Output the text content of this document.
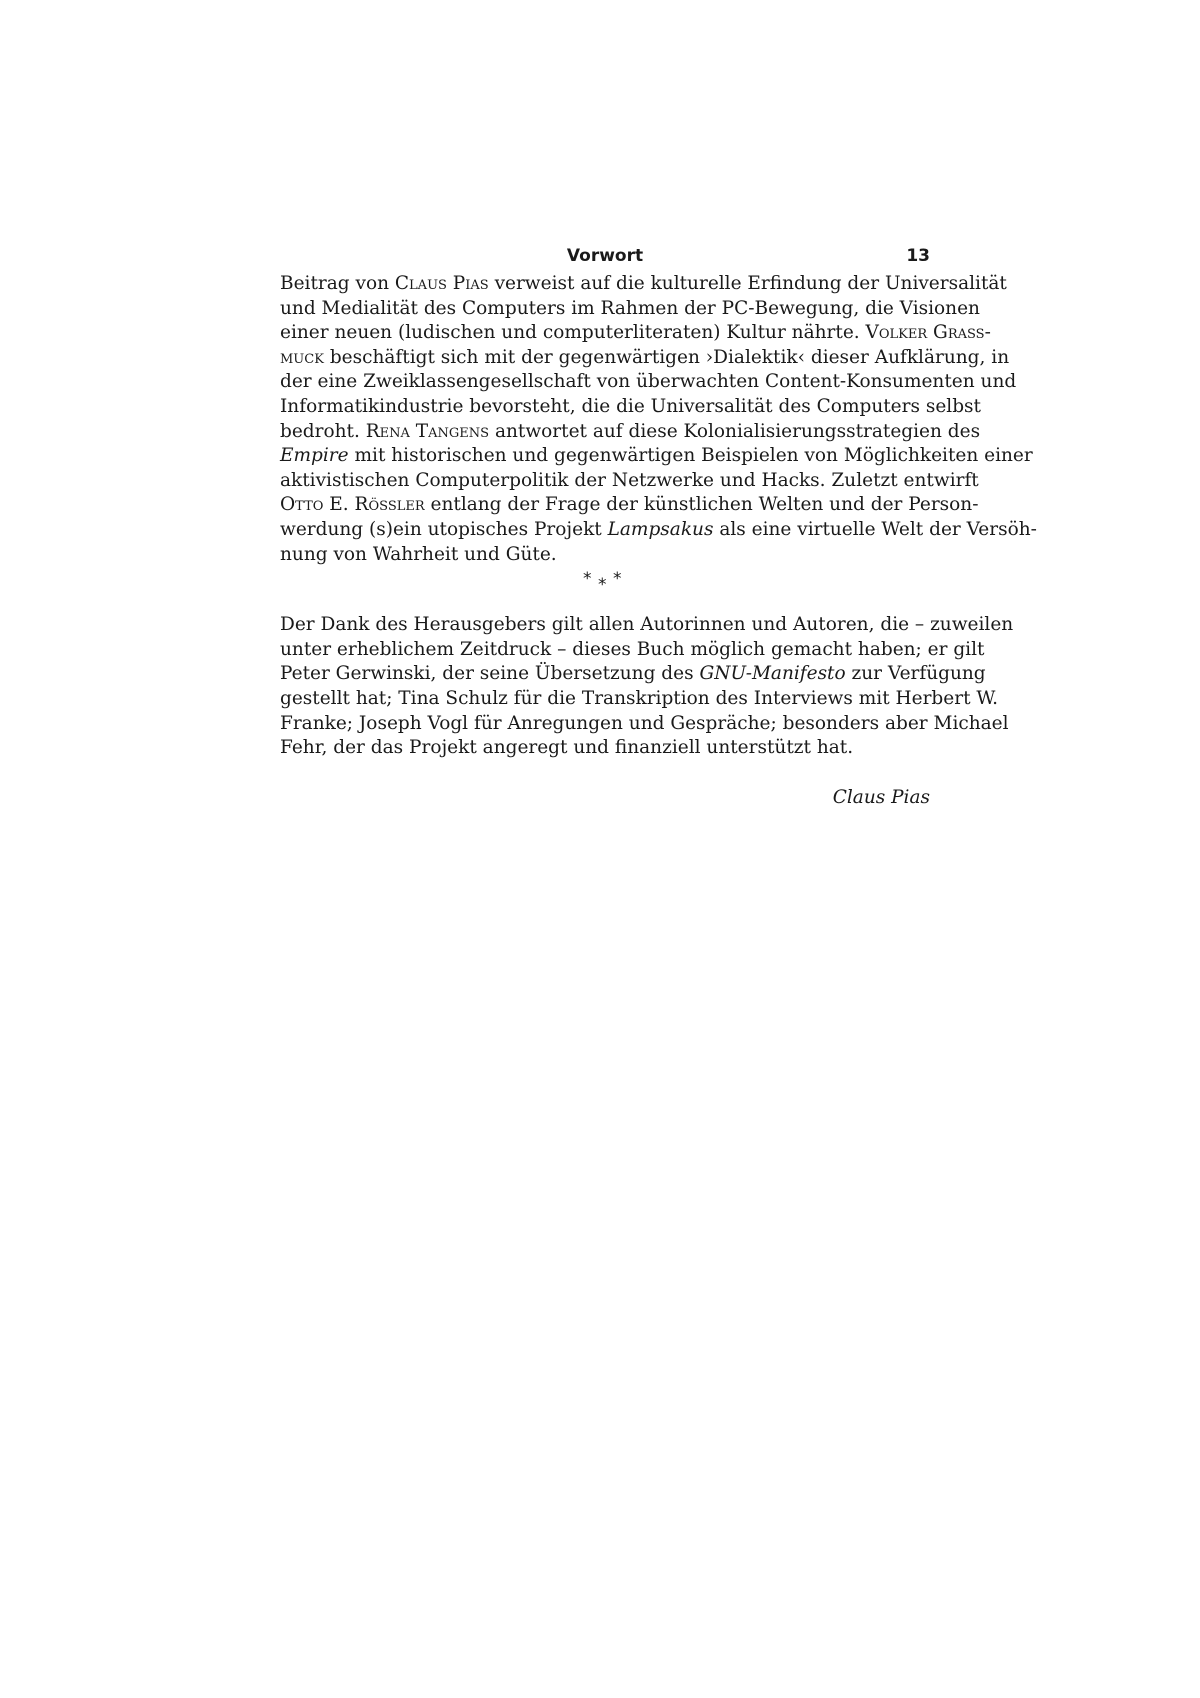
Vorwort	13

Beitrag von Claus Pias verweist auf die kulturelle Erfindung der Universalität
und Medialität des Computers im Rahmen der PC-Bewegung, die Visionen
einer neuen (ludischen und computerliteraten) Kultur nährte. Volker Grass-
muck beschäftigt sich mit der gegenwärtigen ›Dialektik‹ dieser Aufklärung, in
der eine Zweiklassengesellschaft von überwachten Content-Konsumenten und
Informatikindustrie bevorsteht, die die Universalität des Computers selbst
bedroht. Rena Tangens antwortet auf diese Kolonialisierungsstrategien des
Empire mit historischen und gegenwärtigen Beispielen von Möglichkeiten einer
aktivistischen Computerpolitik der Netzwerke und Hacks. Zuletzt entwirft
Otto E. Rössler entlang der Frage der künstlichen Welten und der Person-
werdung (s)ein utopisches Projekt Lampsakus als eine virtuelle Welt der Versöh-
nung von Wahrheit und Güte.

* * *

Der Dank des Herausgebers gilt allen Autorinnen und Autoren, die – zuweilen
unter erheblichem Zeitdruck – dieses Buch möglich gemacht haben; er gilt
Peter Gerwinski, der seine Übersetzung des GNU-Manifesto zur Verfügung
gestellt hat; Tina Schulz für die Transkription des Interviews mit Herbert W.
Franke; Joseph Vogl für Anregungen und Gespräche; besonders aber Michael
Fehr, der das Projekt angeregt und finanziell unterstützt hat.

Claus Pias
